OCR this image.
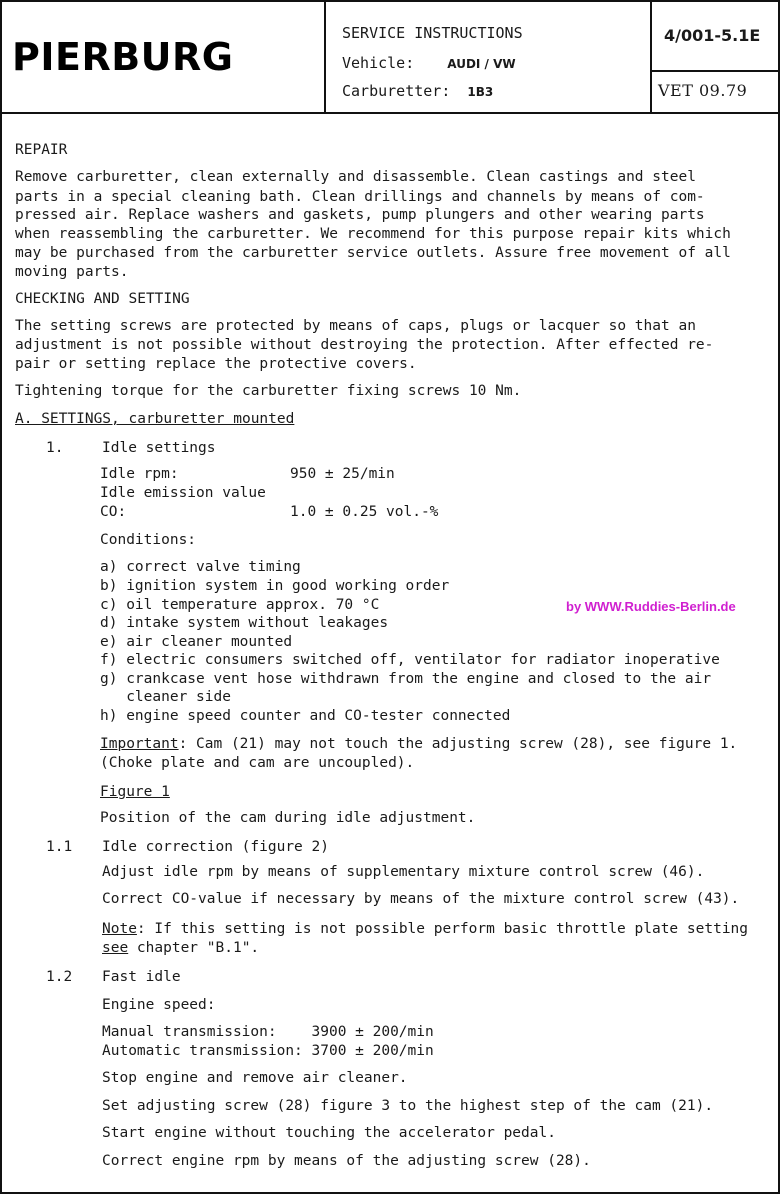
PIERBURG
SERVICE INSTRUCTIONS
Vehicle:	AUDI / VW
Carburetter: 1B3
4/001-5.1E
VET 09.79
REPAIR
Remove carburetter, clean externally and disassemble. Clean castings and steel
parts in a special cleaning bath. Clean drillings and channels by means of com-
pressed air. Replace washers and gaskets, pump plungers and other wearing parts
when reassembling the carburetter. We recommend for this purpose repair kits which
may be purchased from the carburetter service outlets. Assure free movement of all
moving parts.
CHECKING AND SETTING
The setting screws are protected by means of caps, plugs or lacquer so that an
adjustment is not possible without destroying the protection. After effected re-
pair or setting replace the protective covers.
Tightening torque for the carburetter fixing screws 10 Nm.
A. SETTINGS, carburetter mounted
1.	Idle settings
Idle rpm:	950 ± 25/min
Idle emission value
CO:	1.0 ± 0.25 vol.-%
Conditions:
a) correct valve timing
b) ignition system in good working order
c) oil temperature approx. 70 °C
d) intake system without leakages
e) air cleaner mounted
f) electric consumers switched off, ventilator for radiator inoperative
g) crankcase vent hose withdrawn from the engine and closed to the air
cleaner side
h) engine speed counter and CO-tester connected
Important: Cam (21) may not touch the adjusting screw (28), see figure 1.
(Choke plate and cam are uncoupled).
Figure 1
Position of the cam during idle adjustment.
1.1 Idle correction (figure 2)
Adjust idle rpm by means of supplementary mixture control screw (46).
Correct CO-value if necessary by means of the mixture control screw (43).
Note: If this setting is not possible perform basic throttle plate setting
see chapter "B.1".
1.2 Fast idle
Engine speed:
Manual transmission:    3900 ± 200/min
Automatic transmission: 3700 ± 200/min
Stop engine and remove air cleaner.
Set adjusting screw (28) figure 3 to the highest step of the cam (21).
Start engine without touching the accelerator pedal.
Correct engine rpm by means of the adjusting screw (28).
by WWW.Ruddies-Berlin.de
